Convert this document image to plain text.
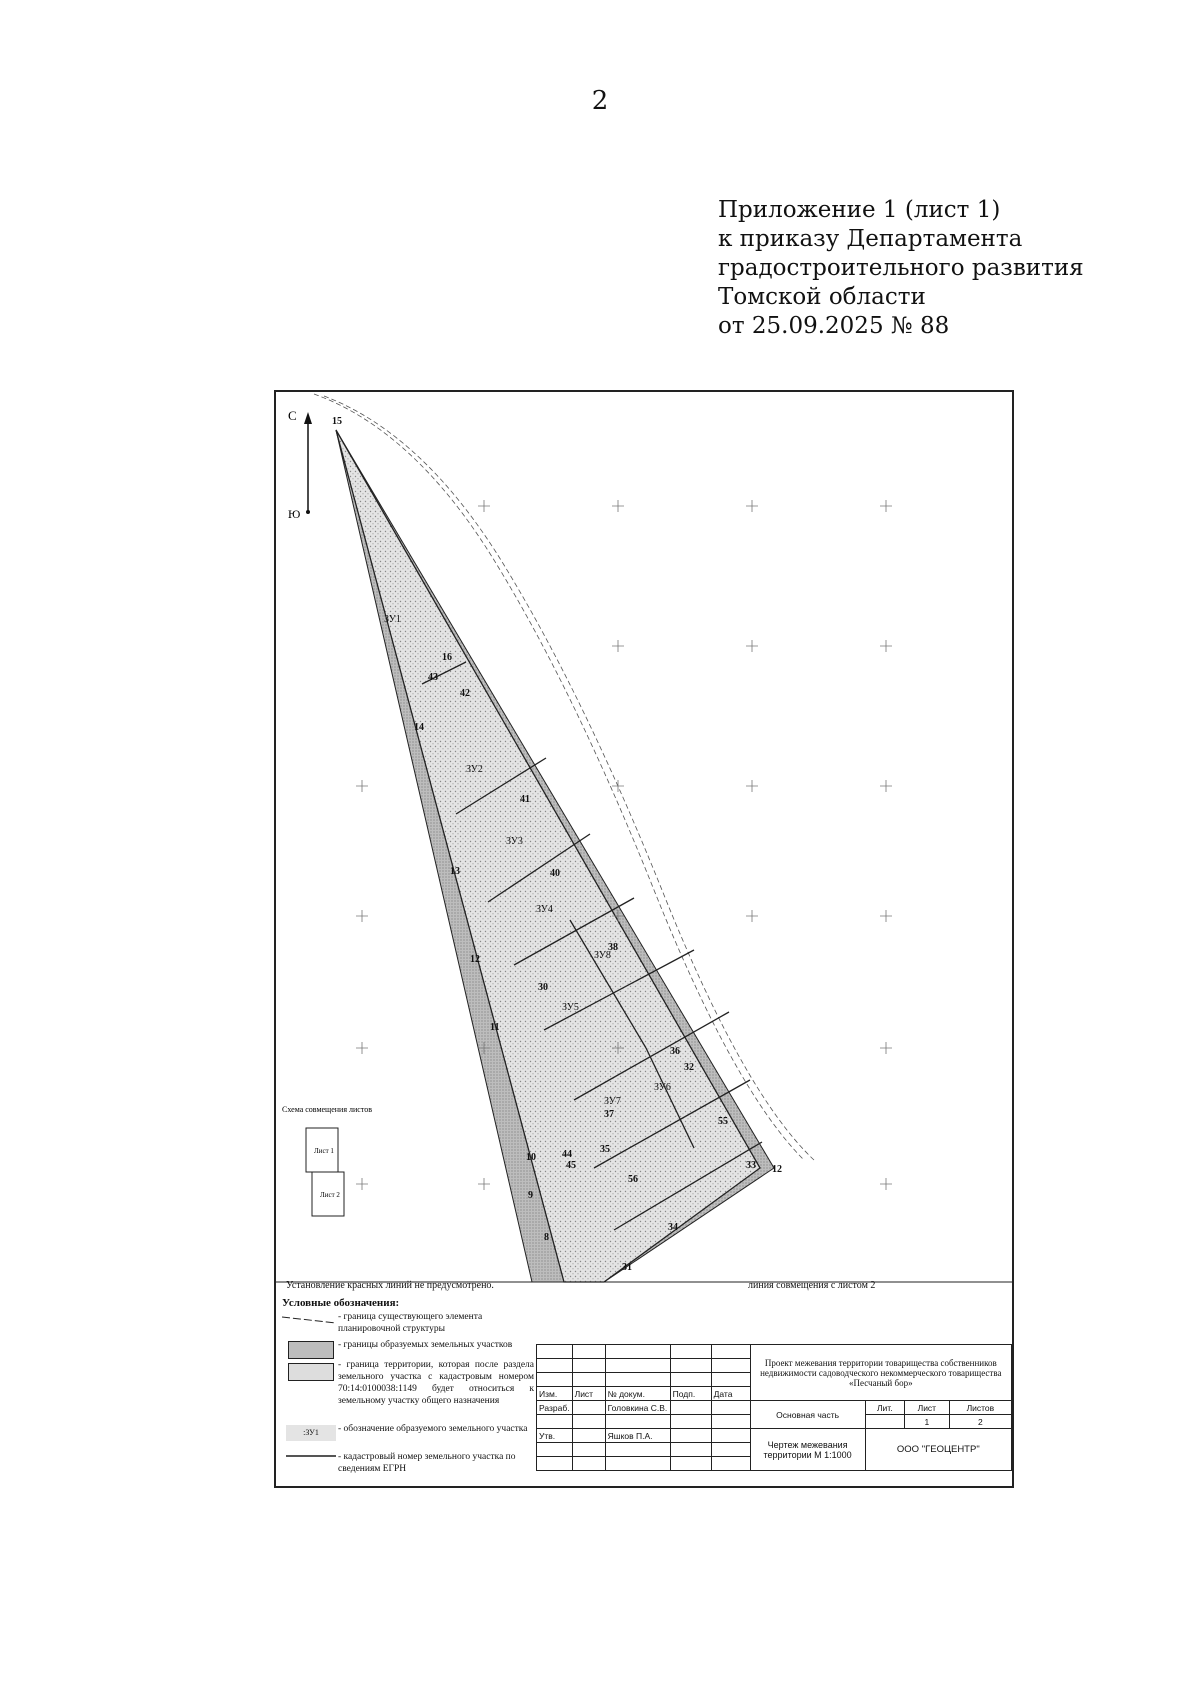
2
Приложение 1 (лист 1)
к приказу Департамента
градостроительного развития
Томской области
от 25.09.2025 № 88
С
Ю
ЗУ1
ЗУ2
ЗУ3
ЗУ4
ЗУ5
ЗУ6
ЗУ7
ЗУ8
15
16
43
42
14
41
13	40
12
38
11
30
36
32
37
35
10	44
45
9
56
55
33 12
8
34
31
Схема совмещения листов
Лист 1
Лист 2
Установление красных линий не предусмотрено.	линия совмещения с листом 2
Условные обозначения:
- граница существующего элемента планировочной структуры
- границы образуемых земельных участков
- граница территории, которая после раздела земельного участка с кадастровым номером 70:14:0100038:1149 будет относиться к земельному участку общего назначения
:ЗУ1	- обозначение образуемого земельного участка
- кадастровый номер земельного участка по сведениям ЕГРН
					Проект межевания территории товарищества собственников недвижимости садоводческого некоммерческого товарищества «Песчаный бор»			

Изм.	Лист	№ докум.	Подп.	Дата				
Разраб.		Головкина С.В.			Основная часть	Лит.	Лист	Листов
							1	2
Утв.		Яшков П.А.			Чертеж межевания территории М 1:1000	ООО "ГЕОЦЕНТР"		
